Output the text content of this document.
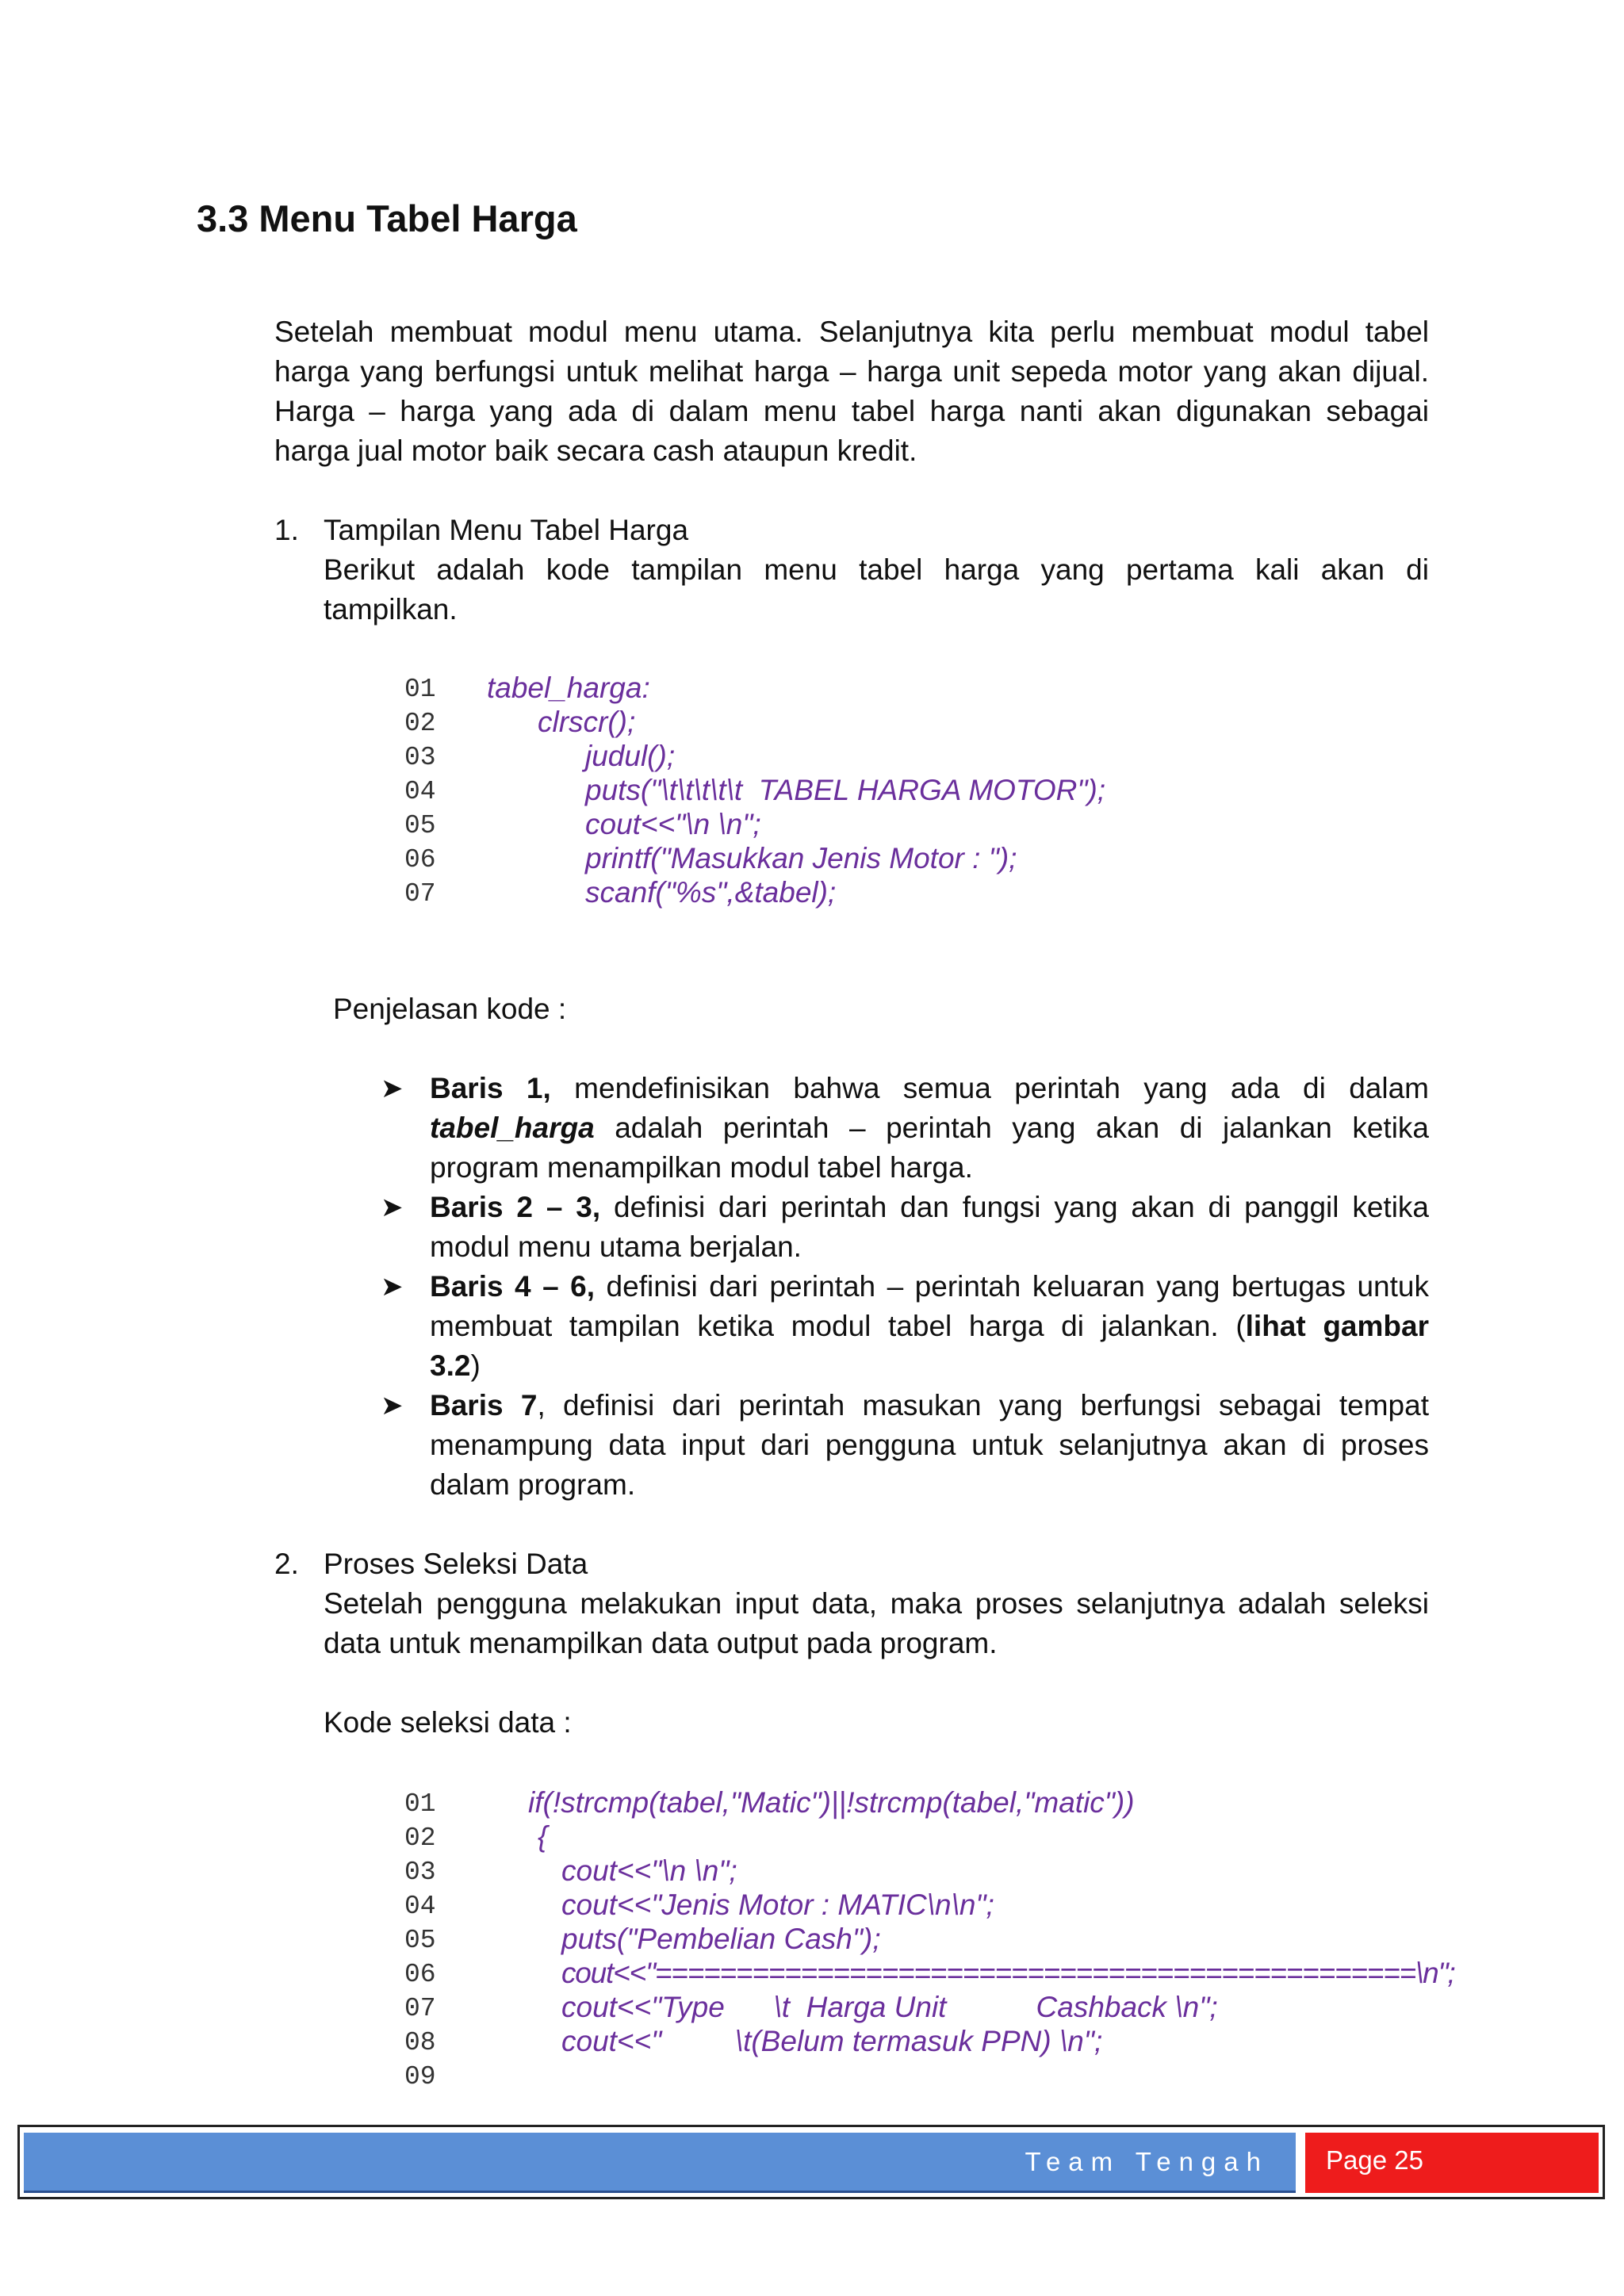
3.3 Menu Tabel Harga

Setelah membuat modul menu utama. Selanjutnya kita perlu membuat modul tabel
harga yang berfungsi untuk melihat harga – harga unit sepeda motor yang akan dijual.
Harga – harga yang ada di dalam menu tabel harga nanti akan digunakan sebagai
harga jual motor baik secara cash ataupun kredit.

1. Tampilan Menu Tabel Harga

Berikut adalah kode tampilan menu tabel harga yang pertama kali akan di
tampilkan.

01 tabel_harga:
02	clrscr();
03	judul();
04	puts("\t\t\t\t\t  TABEL HARGA MOTOR");
05	cout<<"\n \n";
06	printf("Masukkan Jenis Motor : ");
07	scanf("%s",&tabel);
Penjelasan kode :
➤ Baris 1, mendefinisikan bahwa semua perintah yang ada di dalam
tabel_harga adalah perintah – perintah yang akan di jalankan ketika
program menampilkan modul tabel harga.
➤ Baris 2 – 3, definisi dari perintah dan fungsi yang akan di panggil ketika
modul menu utama berjalan.
➤ Baris 4 – 6, definisi dari perintah – perintah keluaran yang bertugas untuk
membuat tampilan ketika modul tabel harga di jalankan. (lihat gambar
3.2)
➤ Baris 7, definisi dari perintah masukan yang berfungsi sebagai tempat
menampung data input dari pengguna untuk selanjutnya akan di proses
dalam program.
2. Proses Seleksi Data

Setelah pengguna melakukan input data, maka proses selanjutnya adalah seleksi
data untuk menampilkan data output pada program.

Kode seleksi data :
01	if(!strcmp(tabel,"Matic")||!strcmp(tabel,"matic"))
02	{
03	cout<<"\n \n";
04	cout<<"Jenis Motor : MATIC\n\n";
05	puts("Pembelian Cash");
06	cout<<"===============================================\n";
07	cout<<"Type      \t  Harga Unit           Cashback \n";
08	cout<<"         \t(Belum termasuk PPN) \n";
09
Team Tengah Page 25
